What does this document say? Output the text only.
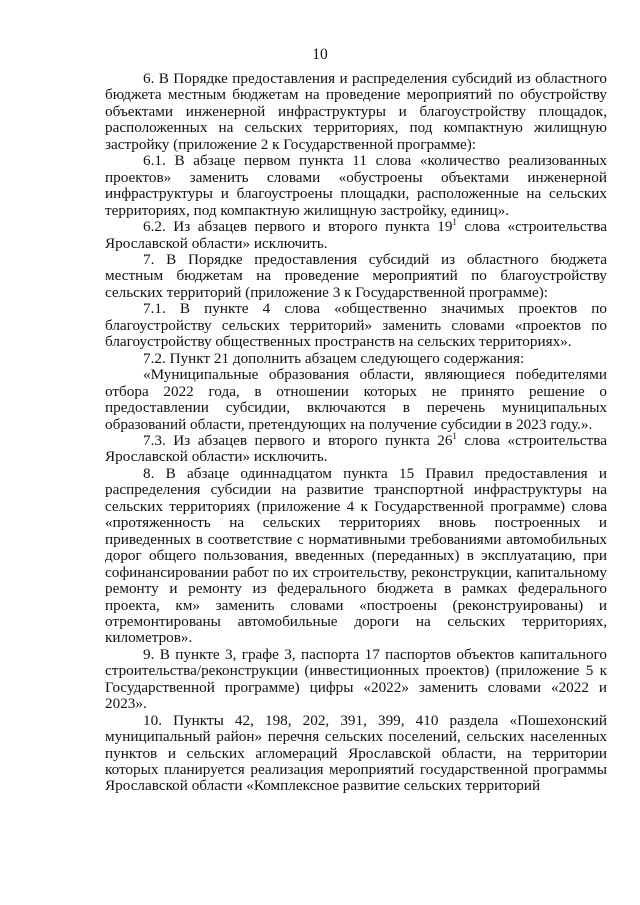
10

6. В Порядке предоставления и распределения субсидий из областного бюджета местным бюджетам на проведение мероприятий по обустройству объектами инженерной инфраструктуры и благоустройству площадок, расположенных на сельских территориях, под компактную жилищную застройку (приложение 2 к Государственной программе):

6.1. В абзаце первом пункта 11 слова «количество реализованных проектов» заменить словами «обустроены объектами инженерной инфраструктуры и благоустроены площадки, расположенные на сельских территориях, под компактную жилищную застройку, единиц».

6.2. Из абзацев первого и второго пункта $19^1$ слова «строительства Ярославской области» исключить.

7. В Порядке предоставления субсидий из областного бюджета местным бюджетам на проведение мероприятий по благоустройству сельских территорий (приложение 3 к Государственной программе):

7.1. В пункте 4 слова «общественно значимых проектов по благоустройству сельских территорий» заменить словами «проектов по благоустройству общественных пространств на сельских территориях».

7.2. Пункт 21 дополнить абзацем следующего содержания:

«Муниципальные образования области, являющиеся победителями отбора 2022 года, в отношении которых не принято решение о предоставлении субсидии, включаются в перечень муниципальных образований области, претендующих на получение субсидии в 2023 году.».

7.3. Из абзацев первого и второго пункта $26^1$ слова «строительства Ярославской области» исключить.

8. В абзаце одиннадцатом пункта 15 Правил предоставления и распределения субсидии на развитие транспортной инфраструктуры на сельских территориях (приложение 4 к Государственной программе) слова «протяженность на сельских территориях вновь построенных и приведенных в соответствие с нормативными требованиями автомобильных дорог общего пользования, введенных (переданных) в эксплуатацию, при софинансировании работ по их строительству, реконструкции, капитальному ремонту и ремонту из федерального бюджета в рамках федерального проекта, км» заменить словами «построены (реконструированы) и отремонтированы автомобильные дороги на сельских территориях, километров».

9. В пункте 3, графе 3, паспорта 17 паспортов объектов капитального строительства/реконструкции (инвестиционных проектов) (приложение 5 к Государственной программе) цифры «2022» заменить словами «2022 и 2023».

10. Пункты 42, 198, 202, 391, 399, 410 раздела «Пошехонский муниципальный район» перечня сельских поселений, сельских населенных пунктов и сельских агломераций Ярославской области, на территории которых планируется реализация мероприятий государственной программы Ярославской области «Комплексное развитие сельских территорий
